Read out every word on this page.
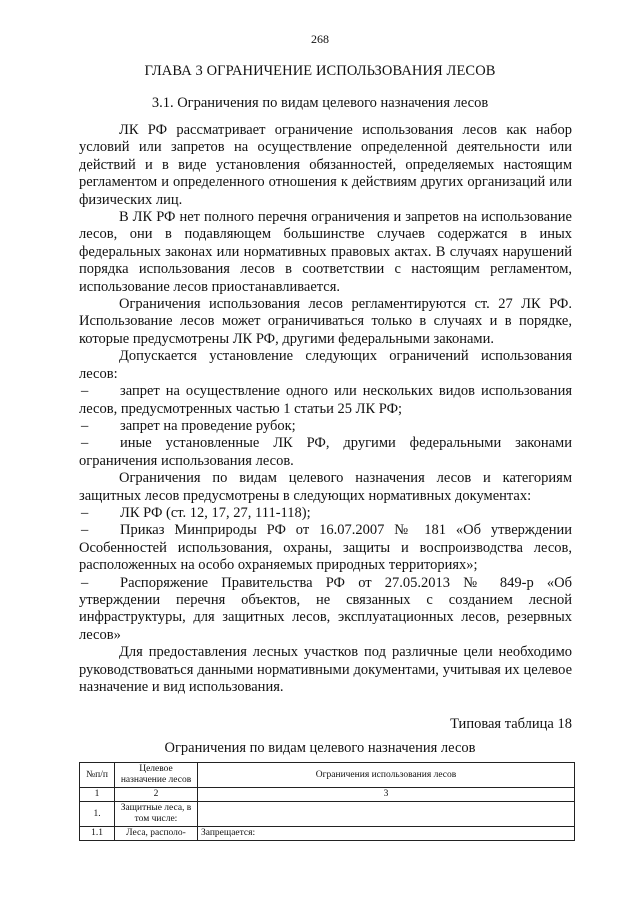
268
ГЛАВА 3 ОГРАНИЧЕНИЕ ИСПОЛЬЗОВАНИЯ ЛЕСОВ
3.1. Ограничения по видам целевого назначения лесов

ЛК РФ рассматривает ограничение использования лесов как набор условий или запретов на осуществление определенной деятельности или действий и в виде установления обязанностей, определяемых настоящим регламентом и определенного отношения к действиям других организаций или физических лиц.

В ЛК РФ нет полного перечня ограничения и запретов на использование лесов, они в подавляющем большинстве случаев содержатся в иных федеральных законах или нормативных правовых актах. В случаях нарушений порядка использования лесов в соответствии с настоящим регламентом, использование лесов приостанавливается.

Ограничения использования лесов регламентируются ст. 27 ЛК РФ. Использование лесов может ограничиваться только в случаях и в порядке, которые предусмотрены ЛК РФ, другими федеральными законами.

Допускается установление следующих ограничений использования лесов:

– запрет на осуществление одного или нескольких видов использования лесов, предусмотренных частью 1 статьи 25 ЛК РФ;

– запрет на проведение рубок;

– иные установленные ЛК РФ, другими федеральными законами ограничения использования лесов.

Ограничения по видам целевого назначения лесов и категориям защитных лесов предусмотрены в следующих нормативных документах:

– ЛК РФ (ст. 12, 17, 27, 111-118);

– Приказ Минприроды РФ от 16.07.2007 № 181 «Об утверждении Особенностей использования, охраны, защиты и воспроизводства лесов, расположенных на особо охраняемых природных территориях»;

– Распоряжение Правительства РФ от 27.05.2013 № 849-р «Об утверждении перечня объектов, не связанных с созданием лесной инфраструктуры, для защитных лесов, эксплуатационных лесов, резервных лесов»

Для предоставления лесных участков под различные цели необходимо руководствоваться данными нормативными документами, учитывая их целевое назначение и вид использования.

Типовая таблица 18
Ограничения по видам целевого назначения лесов
№п/п	Целевое назначение лесов	Ограничения использования лесов
1	2	3
1.	Защитные леса, в том числе:	
1.1	Леса, располо-	Запрещается:
